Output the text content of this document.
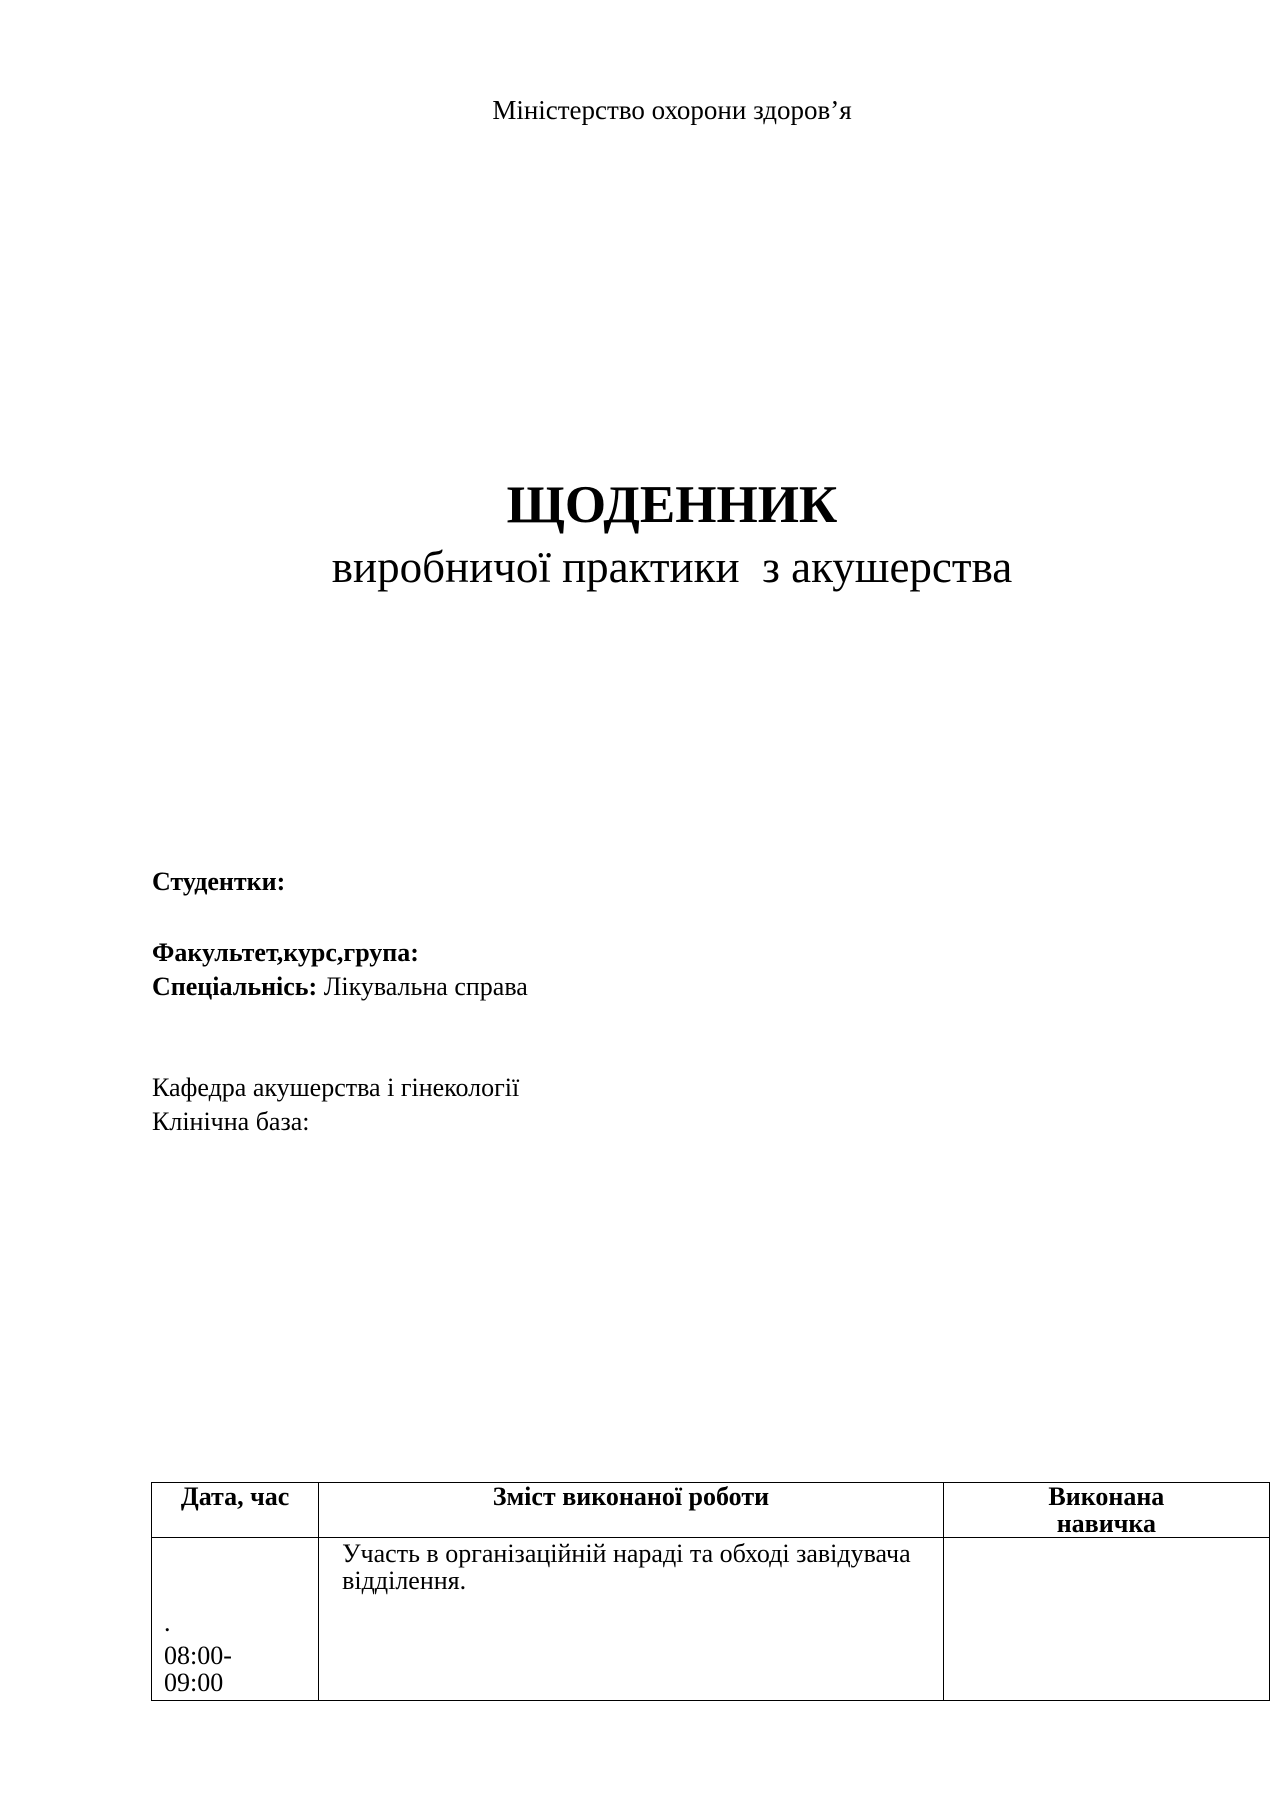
Міністерство охорони здоров’я
ЩОДЕННИК
виробничої практики  з акушерства
Студентки:
Факультет,курс,група:
Спеціальнісь: Лікувальна справа
Кафедра акушерства і гінекології
Клінічна база:
Дата, час	Зміст виконаної роботи	Виконана
навичка

.
08:00-
09:00	Участь в організаційній нараді та обході завідувача відділення.	
